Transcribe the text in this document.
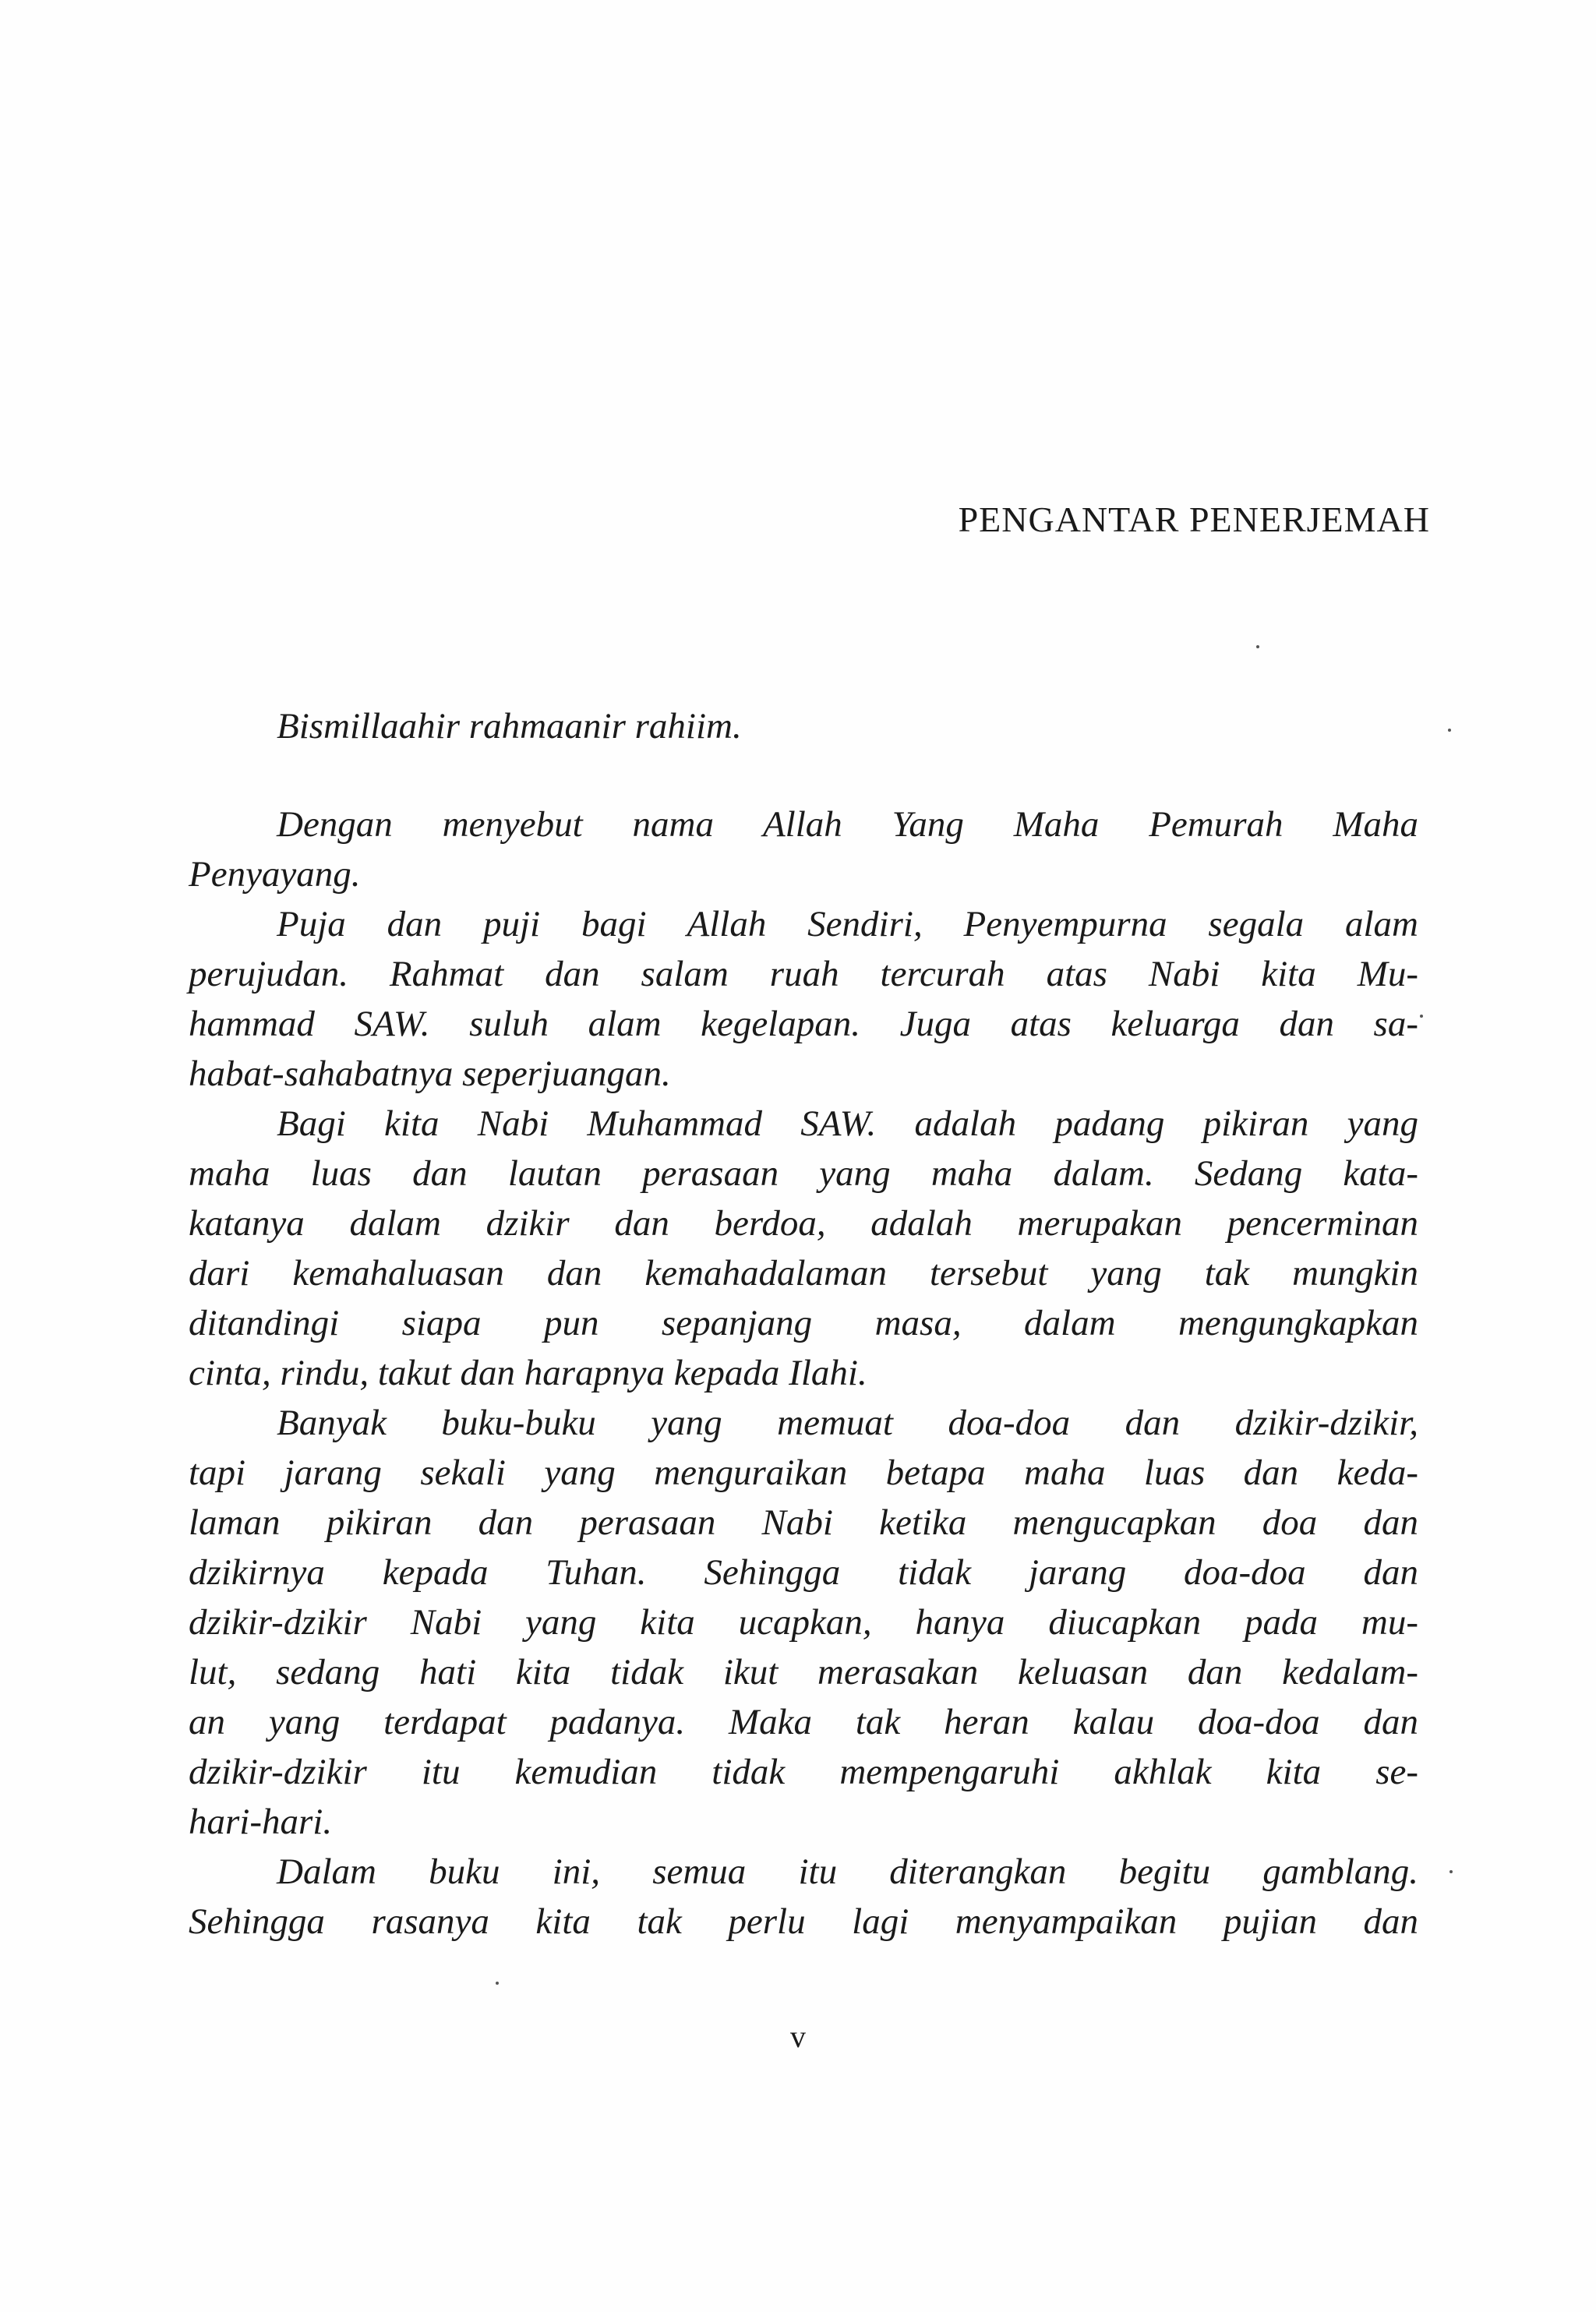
PENGANTAR PENERJEMAH
Bismillaahir rahmaanir rahiim.
Dengan menyebut nama Allah Yang Maha Pemurah Maha
Penyayang.
Puja dan puji bagi Allah Sendiri, Penyempurna segala alam
perujudan. Rahmat dan salam ruah tercurah atas Nabi kita Mu-
hammad SAW. suluh alam kegelapan. Juga atas keluarga dan sa-
habat-sahabatnya seperjuangan.
Bagi kita Nabi Muhammad SAW. adalah padang pikiran yang
maha luas dan lautan perasaan yang maha dalam. Sedang kata-
katanya dalam dzikir dan berdoa, adalah merupakan pencerminan
dari kemahaluasan dan kemahadalaman tersebut yang tak mungkin
ditandingi siapa pun sepanjang masa, dalam mengungkapkan
cinta, rindu, takut dan harapnya kepada Ilahi.
Banyak buku-buku yang memuat doa-doa dan dzikir-dzikir,
tapi jarang sekali yang menguraikan betapa maha luas dan keda-
laman pikiran dan perasaan Nabi ketika mengucapkan doa dan
dzikirnya kepada Tuhan. Sehingga tidak jarang doa-doa dan
dzikir-dzikir Nabi yang kita ucapkan, hanya diucapkan pada mu-
lut, sedang hati kita tidak ikut merasakan keluasan dan kedalam-
an yang terdapat padanya. Maka tak heran kalau doa-doa dan
dzikir-dzikir itu kemudian tidak mempengaruhi akhlak kita se-
hari-hari.
Dalam buku ini, semua itu diterangkan begitu gamblang.
Sehingga rasanya kita tak perlu lagi menyampaikan pujian dan
v
